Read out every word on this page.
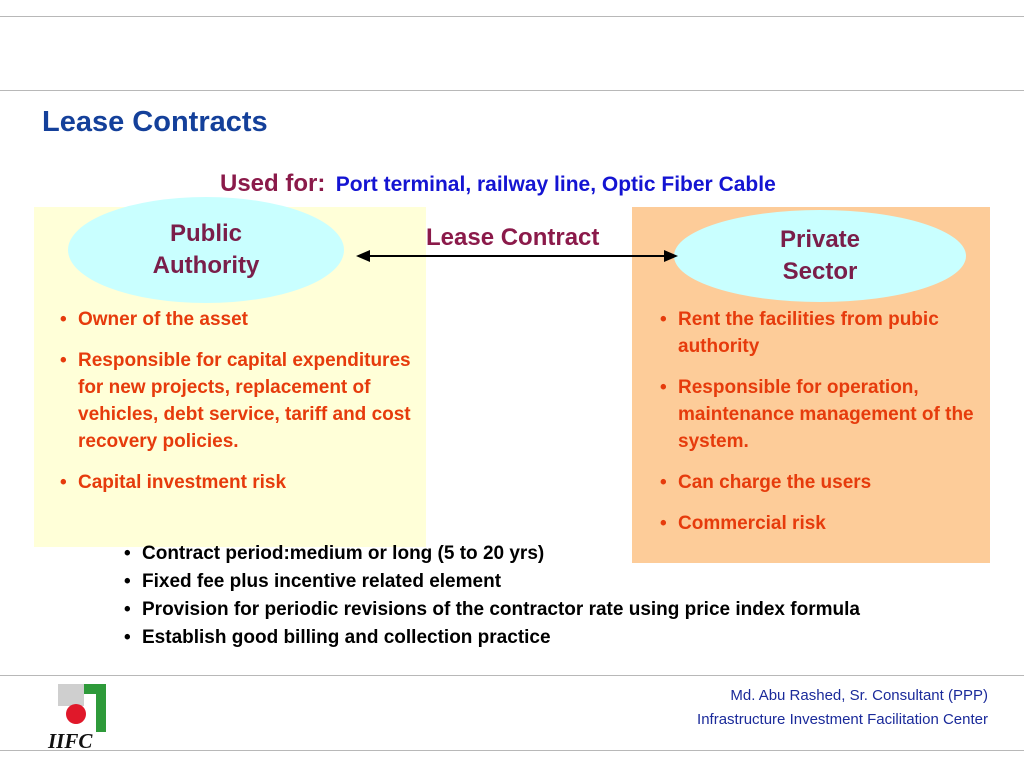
Lease Contracts
Used for: Port terminal, railway line, Optic Fiber Cable
Public
Authority
Private
Sector
Lease Contract
• Owner of the asset
• Responsible for capital expenditures for new projects, replacement of vehicles, debt service, tariff and cost recovery policies.
• Capital investment risk
• Rent the facilities from pubic authority
• Responsible for operation, maintenance management of the system.
• Can charge the users
• Commercial risk
• Contract period:medium or long (5 to 20 yrs)
• Fixed fee plus incentive related element
• Provision for periodic revisions of the contractor rate using price index formula
• Establish good billing and collection practice
IIFC
Md. Abu Rashed, Sr. Consultant (PPP)
Infrastructure Investment Facilitation Center
